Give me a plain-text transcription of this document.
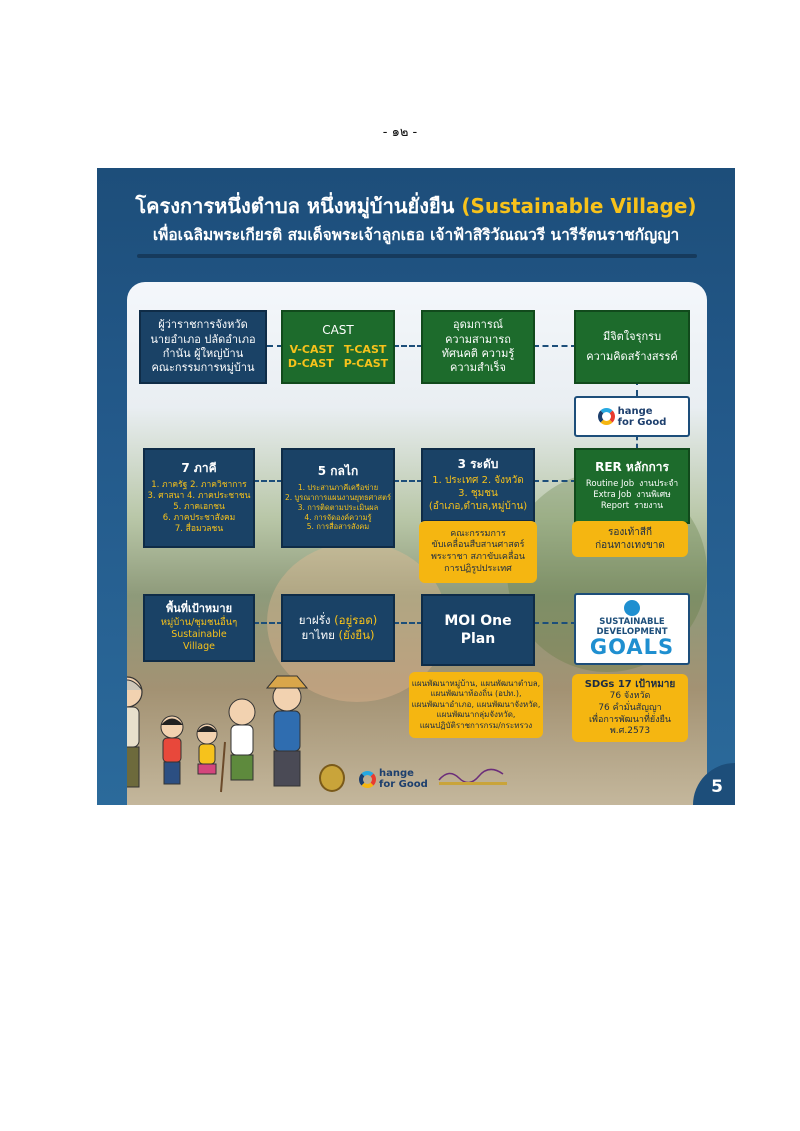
- ๑๒ -
โครงการหนึ่งตำบล หนึ่งหมู่บ้านยั่งยืน (Sustainable Village)
เพื่อเฉลิมพระเกียรติ สมเด็จพระเจ้าลูกเธอ เจ้าฟ้าสิริวัณณวรี นารีรัตนราชกัญญา
ผู้ว่าราชการจังหวัด
นายอำเภอ ปลัดอำเภอ
กำนัน ผู้ใหญ่บ้าน
คณะกรรมการหมู่บ้าน
CAST
V-CAST T-CAST
D-CAST P-CAST
อุดมการณ์
ความสามารถ
ทัศนคติ ความรู้
ความสำเร็จ
มีจิตใจรุกรบ
ความคิดสร้างสรรค์
hange
for Good
7 ภาคี
1. ภาครัฐ 2. ภาควิชาการ
3. ศาสนา 4. ภาคประชาชน
5. ภาคเอกชน
6. ภาคประชาสังคม
7. สื่อมวลชน
5 กลไก
1. ประสานภาคีเครือข่าย
2. บูรณาการแผนงานยุทธศาสตร์
3. การติดตามประเมินผล
4. การจัดองค์ความรู้
5. การสื่อสารสังคม
3 ระดับ
1. ประเทศ 2. จังหวัด
3. ชุมชน
(อำเภอ,ตำบล,หมู่บ้าน)
คณะกรรมการ
ขับเคลื่อนสืบสานศาสตร์
พระราชา สภาขับเคลื่อน
การปฏิรูปประเทศ
RER หลักการ
Routine Job งานประจำ
Extra Job งานพิเศษ
Report รายงาน
รองเท้าสีกี
ก่อนทางเทงขาด
พื้นที่เป้าหมาย
หมู่บ้าน/ชุมชนอื่นๆ
Sustainable
Village
ยาฝรั่ง (อยู่รอด)
ยาไทย (ยั่งยืน)
MOI One
Plan
SUSTAINABLE
DEVELOPMENT
GOALS
แผนพัฒนาหมู่บ้าน, แผนพัฒนาตำบล,
แผนพัฒนาท้องถิ่น (อปท.),
แผนพัฒนาอำเภอ, แผนพัฒนาจังหวัด,
แผนพัฒนากลุ่มจังหวัด,
แผนปฏิบัติราชการกรม/กระทรวง
SDGs 17 เป้าหมาย
76 จังหวัด
76 คำมั่นสัญญา
เพื่อการพัฒนาที่ยั่งยืน
พ.ศ.2573
hange
for Good	5
